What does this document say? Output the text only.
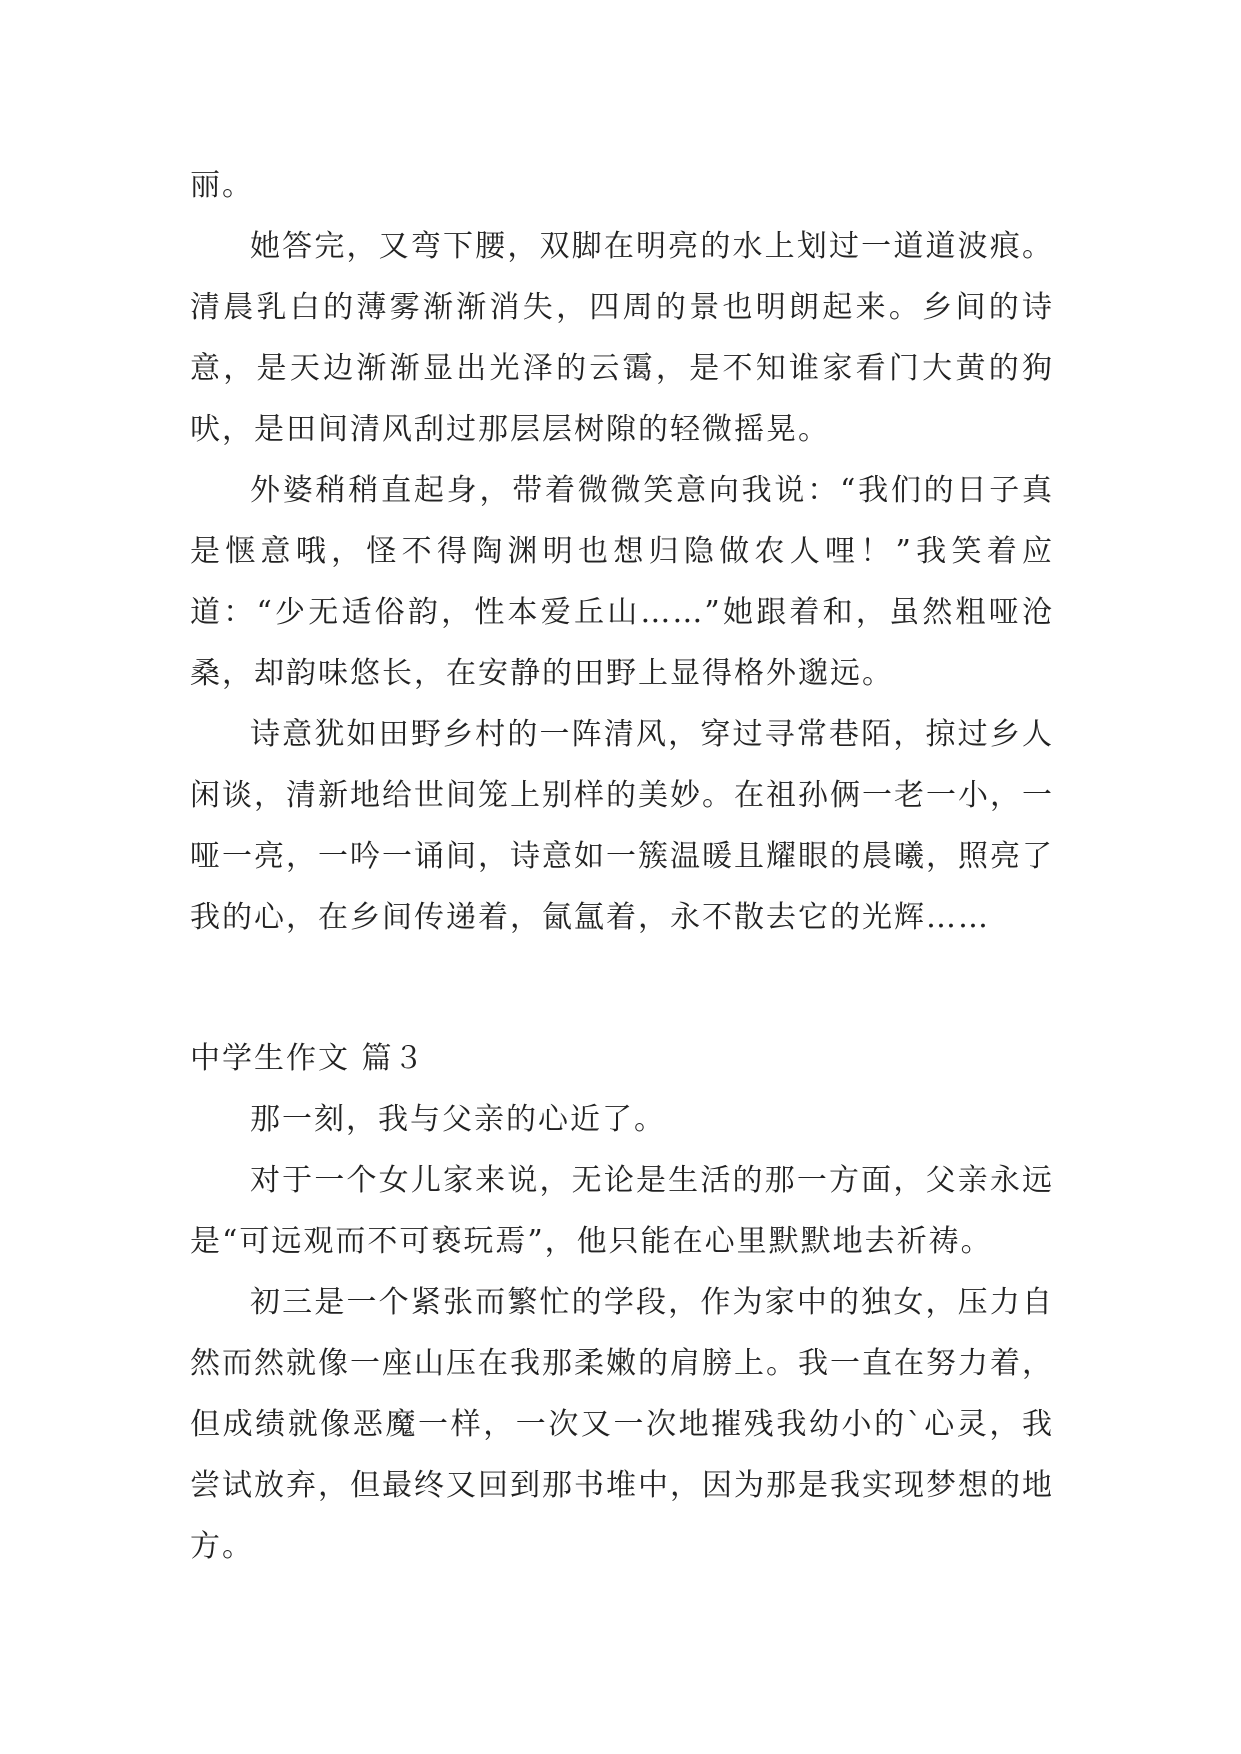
丽。

她答完，又弯下腰，双脚在明亮的水上划过一道道波痕。清晨乳白的薄雾渐渐消失，四周的景也明朗起来。乡间的诗意，是天边渐渐显出光泽的云霭，是不知谁家看门大黄的狗吠，是田间清风刮过那层层树隙的轻微摇晃。

外婆稍稍直起身，带着微微笑意向我说：“我们的日子真是惬意哦，怪不得陶渊明也想归隐做农人哩！”我笑着应道：“少无适俗韵，性本爱丘山……”她跟着和，虽然粗哑沧桑，却韵味悠长，在安静的田野上显得格外邈远。

诗意犹如田野乡村的一阵清风，穿过寻常巷陌，掠过乡人闲谈，清新地给世间笼上别样的美妙。在祖孙俩一老一小，一哑一亮，一吟一诵间，诗意如一簇温暖且耀眼的晨曦，照亮了我的心，在乡间传递着，氤氲着，永不散去它的光辉……

中学生作文 篇３

那一刻，我与父亲的心近了。

对于一个女儿家来说，无论是生活的那一方面，父亲永远是“可远观而不可亵玩焉”，他只能在心里默默地去祈祷。

初三是一个紧张而繁忙的学段，作为家中的独女，压力自然而然就像一座山压在我那柔嫩的肩膀上。我一直在努力着，但成绩就像恶魔一样，一次又一次地摧残我幼小的`心灵，我尝试放弃，但最终又回到那书堆中，因为那是我实现梦想的地方。
